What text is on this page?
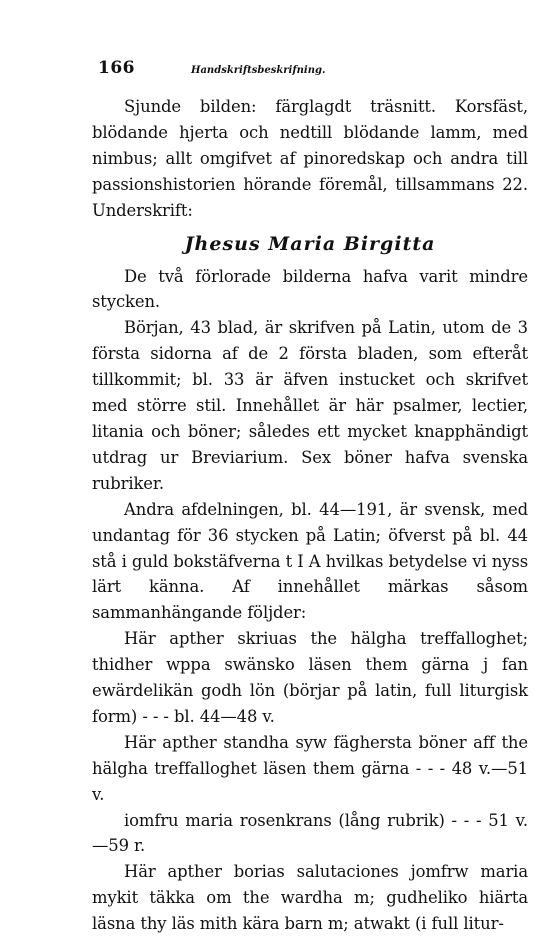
166	Handskriftsbeskrifning.

Sjunde bilden: färglagdt träsnitt. Korsfäst, blödande hjerta och nedtill blödande lamm, med nimbus; allt omgifvet af pinoredskap och andra till passionshistorien hörande föremål, tillsammans 22. Underskrift:

Jhesus Maria Birgitta

De två förlorade bilderna hafva varit mindre stycken.

Början, 43 blad, är skrifven på Latin, utom de 3 första sidorna af de 2 första bladen, som efteråt tillkommit; bl. 33 är äfven instucket och skrifvet med större stil. Innehållet är här psalmer, lectier, litania och böner; således ett mycket knapphändigt utdrag ur Breviarium. Sex böner hafva svenska rubriker.

Andra afdelningen, bl. 44—191, är svensk, med undantag för 36 stycken på Latin; öfverst på bl. 44 stå i guld bokstäfverna t I A hvilkas betydelse vi nyss lärt känna. Af innehållet märkas såsom sammanhängande följder:

Här apther skriuas the hälgha treffalloghet; thidher wppa swänsko läsen them gärna j fan ewärdelikän godh lön (börjar på latin, full liturgisk form) - - - bl. 44—48 v.

Här apther standha syw fäghersta böner aff the hälgha treffalloghet läsen them gärna - - - 48 v.—51 v.

iomfru maria rosenkrans (lång rubrik) - - - 51 v.—59 r.

Här apther borias salutaciones jomfrw maria mykit täkka om the wardha m; gudheliko hiärta läsna thy läs mith kära barn m; atwakt (i full litur-
